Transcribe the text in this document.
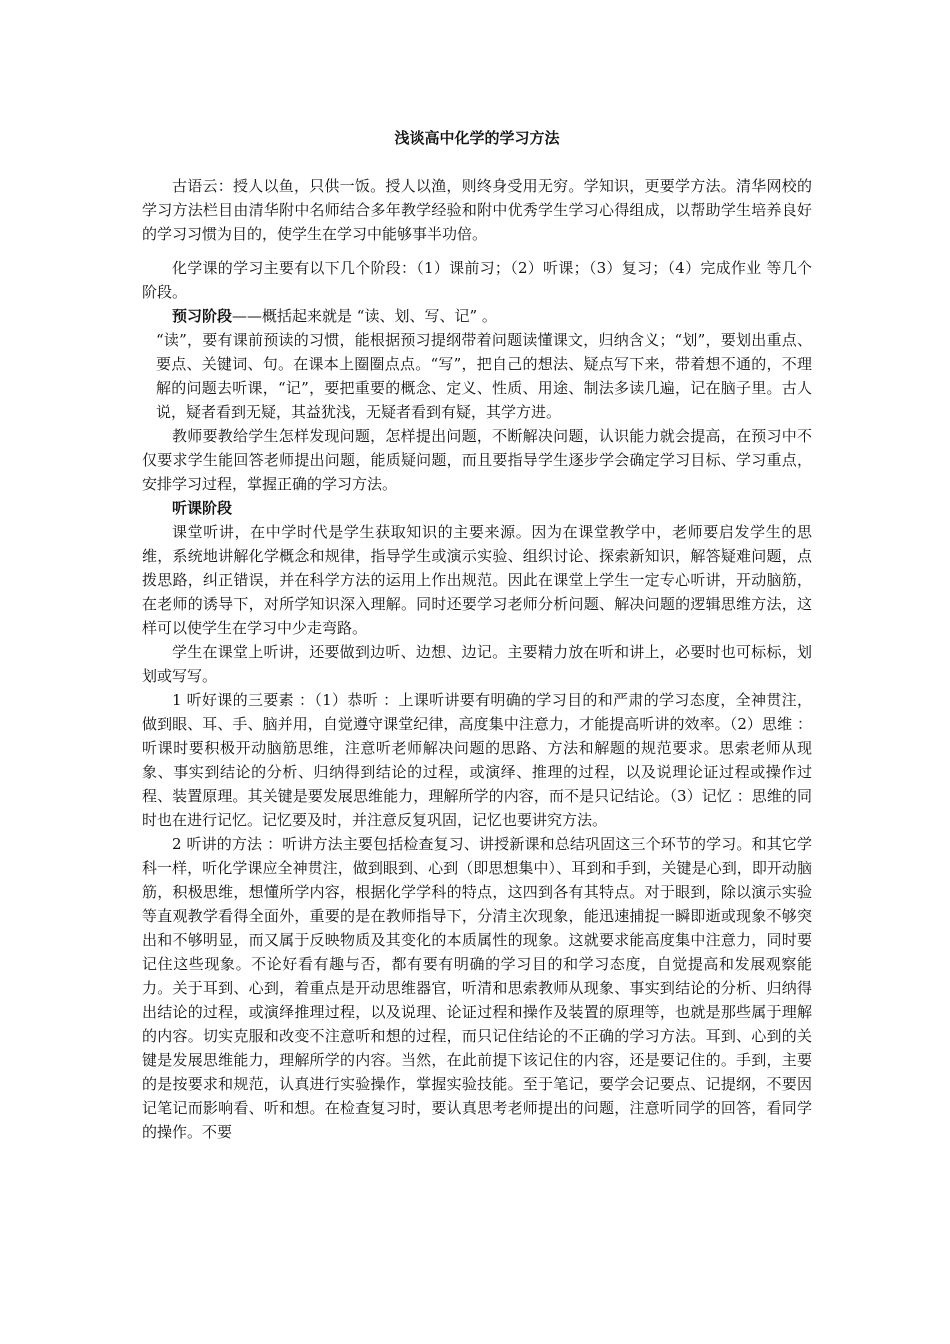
浅谈高中化学的学习方法

古语云：授人以鱼，只供一饭。授人以渔，则终身受用无穷。学知识，更要学方法。清华网校的学习方法栏目由清华附中名师结合多年教学经验和附中优秀学生学习心得组成，以帮助学生培养良好的学习习惯为目的，使学生在学习中能够事半功倍。

化学课的学习主要有以下几个阶段：（1）课前习；（2）听课；（3）复习；（4）完成作业 等几个阶段。

预习阶段——概括起来就是 “读、划、写、记” 。

“读”，要有课前预读的习惯，能根据预习提纲带着问题读懂课文，归纳含义；“划”，要划出重点、要点、关键词、句。在课本上圈圈点点。“写”，把自己的想法、疑点写下来，带着想不通的，不理解的问题去听课，“记”，要把重要的概念、定义、性质、用途、制法多读几遍，记在脑子里。古人说，疑者看到无疑，其益犹浅，无疑者看到有疑，其学方进。

教师要教给学生怎样发现问题，怎样提出问题，不断解决问题，认识能力就会提高，在预习中不仅要求学生能回答老师提出问题，能质疑问题，而且要指导学生逐步学会确定学习目标、学习重点，安排学习过程，掌握正确的学习方法。

听课阶段

课堂听讲，在中学时代是学生获取知识的主要来源。因为在课堂教学中，老师要启发学生的思维，系统地讲解化学概念和规律，指导学生或演示实验、组织讨论、探索新知识，解答疑难问题，点拨思路，纠正错误，并在科学方法的运用上作出规范。因此在课堂上学生一定专心听讲，开动脑筋，在老师的诱导下，对所学知识深入理解。同时还要学习老师分析问题、解决问题的逻辑思维方法，这样可以使学生在学习中少走弯路。

学生在课堂上听讲，还要做到边听、边想、边记。主要精力放在听和讲上，必要时也可标标，划划或写写。

1 听好课的三要素 ：（1）恭听 ：上课听讲要有明确的学习目的和严肃的学习态度，全神贯注，做到眼、耳、手、脑并用，自觉遵守课堂纪律，高度集中注意力，才能提高听讲的效率。（2）思维 ：听课时要积极开动脑筋思维，注意听老师解决问题的思路、方法和解题的规范要求。思索老师从现象、事实到结论的分析、归纳得到结论的过程，或演绎、推理的过程，以及说理论证过程或操作过程、装置原理。其关键是要发展思维能力，理解所学的内容，而不是只记结论。（3）记忆 ：思维的同时也在进行记忆。记忆要及时，并注意反复巩固，记忆也要讲究方法。

2 听讲的方法 ：听讲方法主要包括检查复习、讲授新课和总结巩固这三个环节的学习。和其它学科一样，听化学课应全神贯注，做到眼到、心到（即思想集中）、耳到和手到，关键是心到，即开动脑筋，积极思维，想懂所学内容，根据化学学科的特点，这四到各有其特点。对于眼到，除以演示实验等直观教学看得全面外，重要的是在教师指导下，分清主次现象，能迅速捕捉一瞬即逝或现象不够突出和不够明显，而又属于反映物质及其变化的本质属性的现象。这就要求能高度集中注意力，同时要记住这些现象。不论好看有趣与否，都有要有明确的学习目的和学习态度，自觉提高和发展观察能力。关于耳到、心到，着重点是开动思维器官，听清和思索教师从现象、事实到结论的分析、归纳得出结论的过程，或演绎推理过程，以及说理、论证过程和操作及装置的原理等，也就是那些属于理解的内容。切实克服和改变不注意听和想的过程，而只记住结论的不正确的学习方法。耳到、心到的关键是发展思维能力，理解所学的内容。当然，在此前提下该记住的内容，还是要记住的。手到，主要的是按要求和规范，认真进行实验操作，掌握实验技能。至于笔记，要学会记要点、记提纲，不要因记笔记而影响看、听和想。在检查复习时，要认真思考老师提出的问题，注意听同学的回答，看同学的操作。不要
